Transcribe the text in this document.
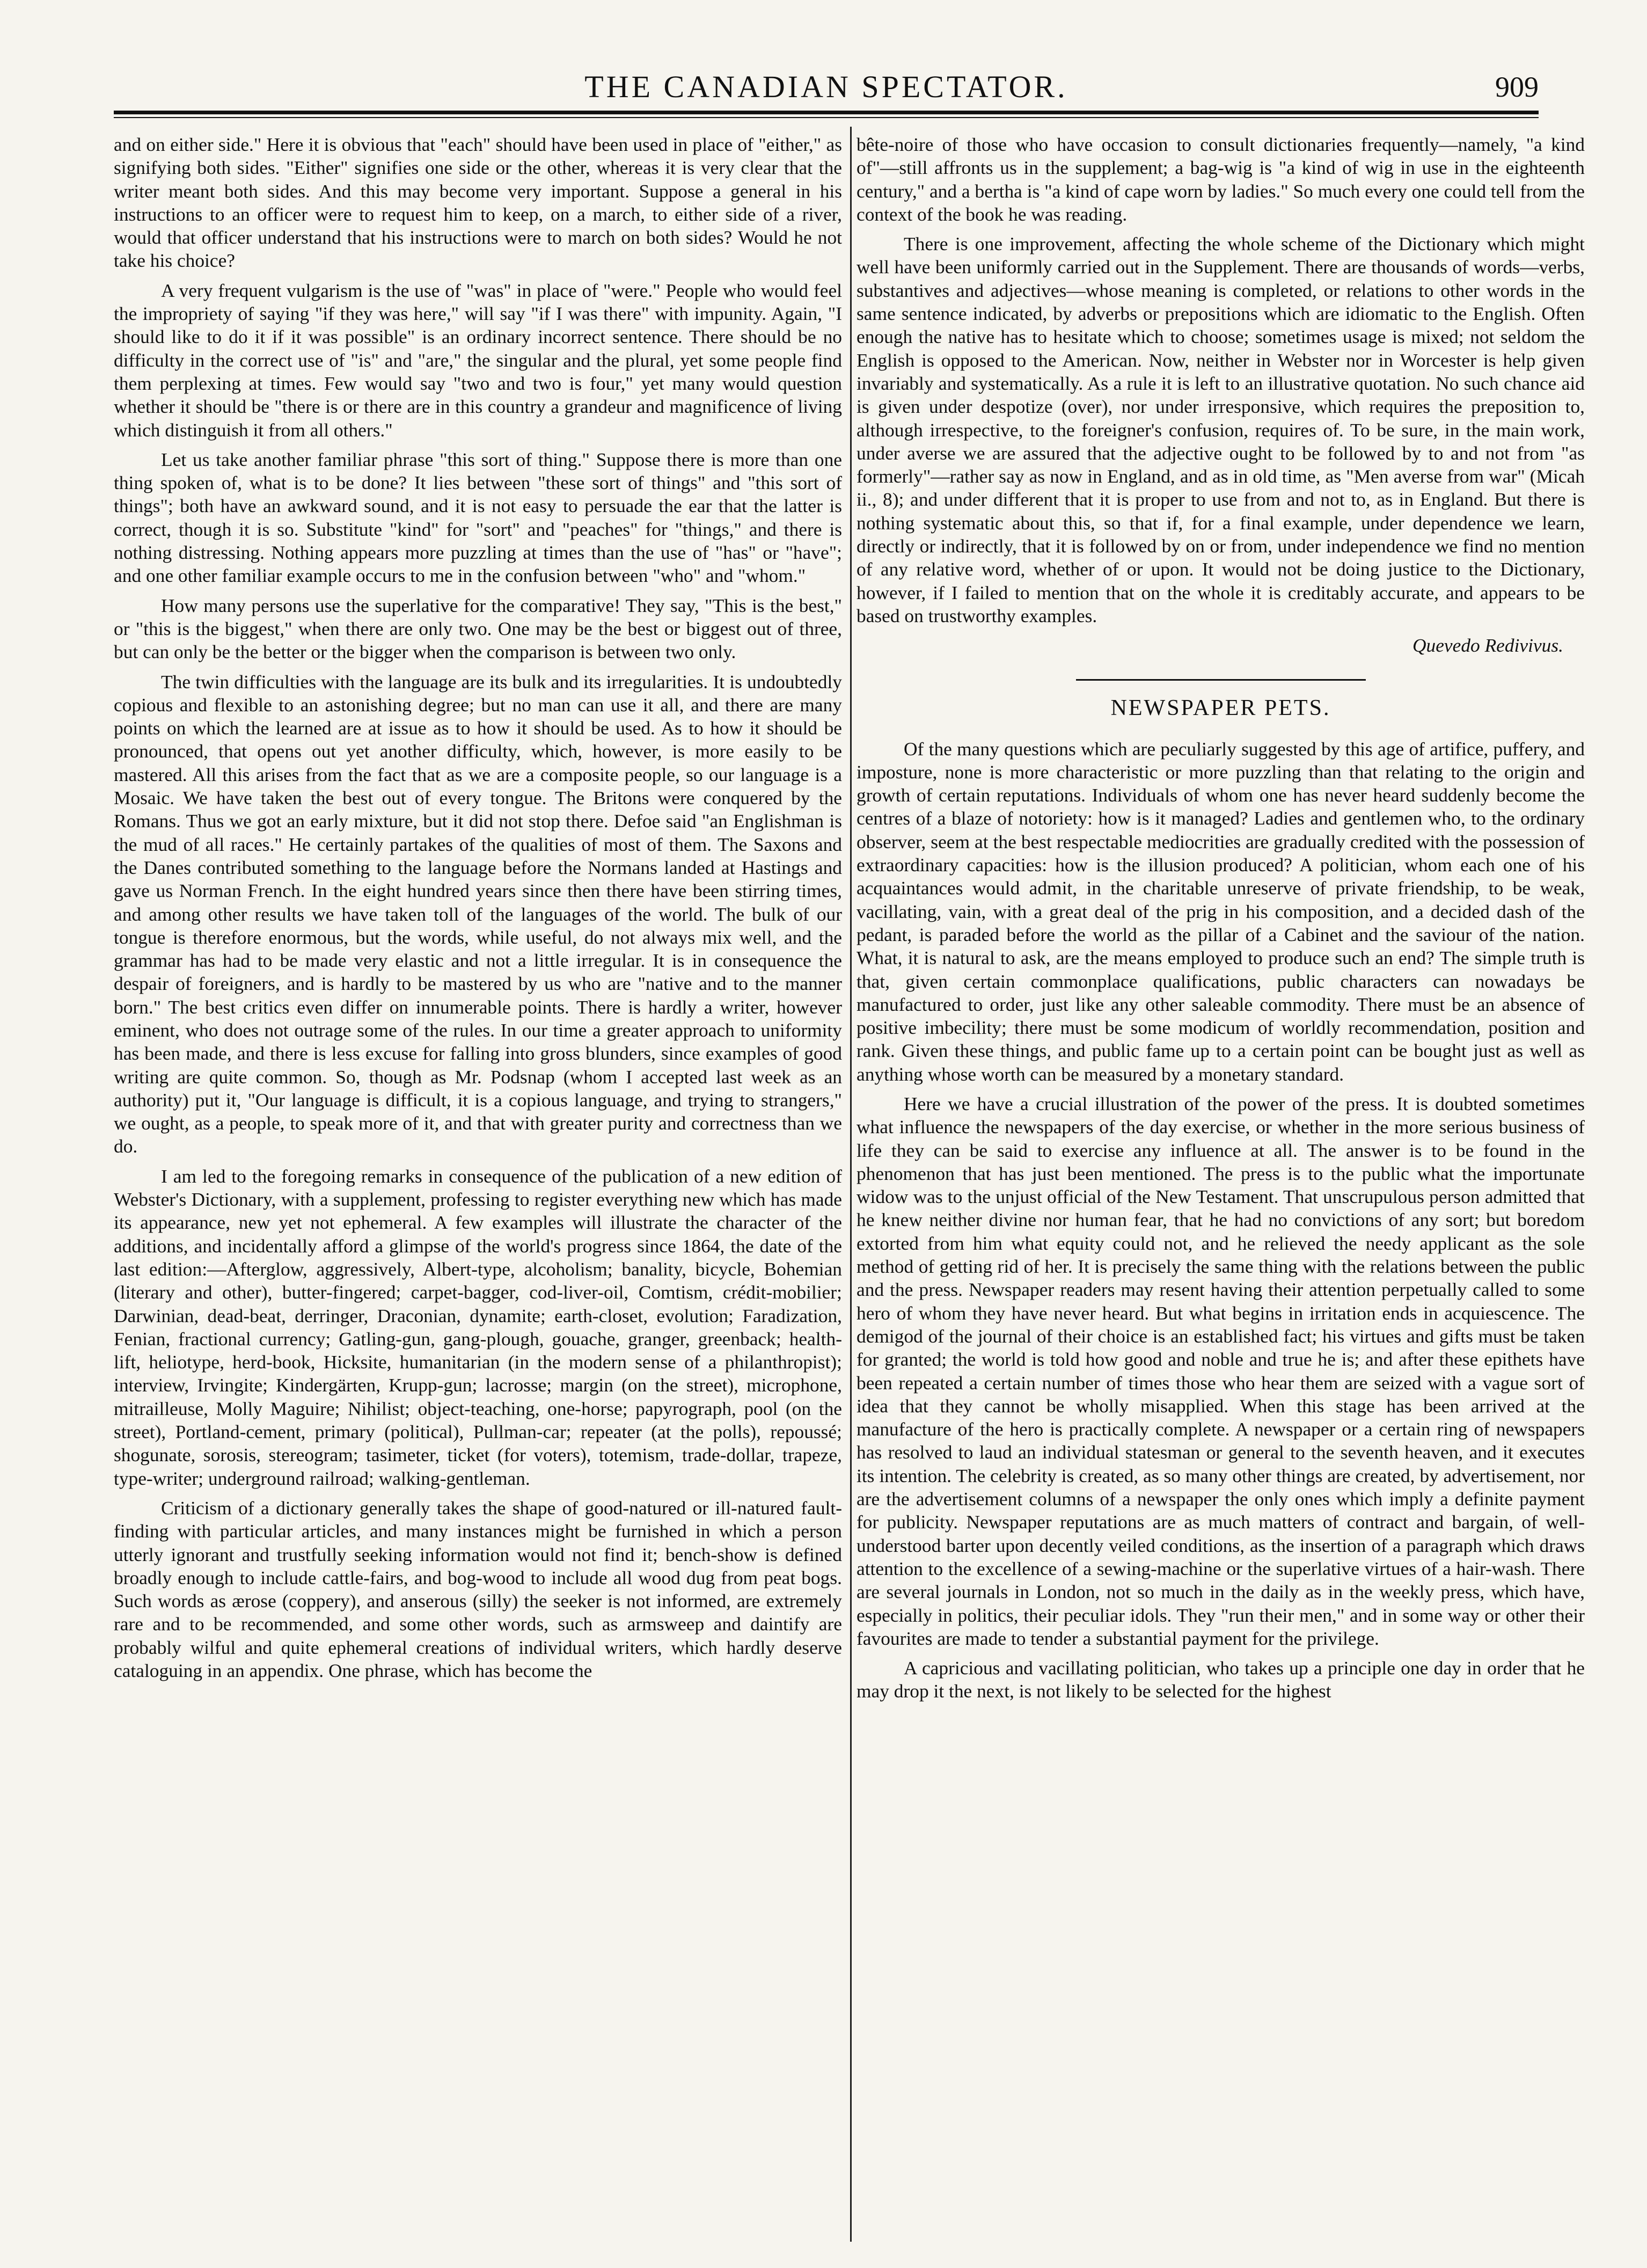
THE CANADIAN SPECTATOR.	909

and on either side." Here it is obvious that "each" should have been used in place of "either," as signifying both sides. "Either" signifies one side or the other, whereas it is very clear that the writer meant both sides. And this may become very important. Suppose a general in his instructions to an officer were to request him to keep, on a march, to either side of a river, would that officer understand that his instructions were to march on both sides? Would he not take his choice?

A very frequent vulgarism is the use of "was" in place of "were." People who would feel the impropriety of saying "if they was here," will say "if I was there" with impunity. Again, "I should like to do it if it was possible" is an ordinary incorrect sentence. There should be no difficulty in the correct use of "is" and "are," the singular and the plural, yet some people find them perplexing at times. Few would say "two and two is four," yet many would question whether it should be "there is or there are in this country a grandeur and magnificence of living which distinguish it from all others."

Let us take another familiar phrase "this sort of thing." Suppose there is more than one thing spoken of, what is to be done? It lies between "these sort of things" and "this sort of things"; both have an awkward sound, and it is not easy to persuade the ear that the latter is correct, though it is so. Substitute "kind" for "sort" and "peaches" for "things," and there is nothing distressing. Nothing appears more puzzling at times than the use of "has" or "have"; and one other familiar example occurs to me in the confusion between "who" and "whom."

How many persons use the superlative for the comparative! They say, "This is the best," or "this is the biggest," when there are only two. One may be the best or biggest out of three, but can only be the better or the bigger when the comparison is between two only.

The twin difficulties with the language are its bulk and its irregularities. It is undoubtedly copious and flexible to an astonishing degree; but no man can use it all, and there are many points on which the learned are at issue as to how it should be used. As to how it should be pronounced, that opens out yet another difficulty, which, however, is more easily to be mastered. All this arises from the fact that as we are a composite people, so our language is a Mosaic. We have taken the best out of every tongue. The Britons were conquered by the Romans. Thus we got an early mixture, but it did not stop there. Defoe said "an Englishman is the mud of all races." He certainly partakes of the qualities of most of them. The Saxons and the Danes contributed something to the language before the Normans landed at Hastings and gave us Norman French. In the eight hundred years since then there have been stirring times, and among other results we have taken toll of the languages of the world. The bulk of our tongue is therefore enormous, but the words, while useful, do not always mix well, and the grammar has had to be made very elastic and not a little irregular. It is in consequence the despair of foreigners, and is hardly to be mastered by us who are "native and to the manner born." The best critics even differ on innumerable points. There is hardly a writer, however eminent, who does not outrage some of the rules. In our time a greater approach to uniformity has been made, and there is less excuse for falling into gross blunders, since examples of good writing are quite common. So, though as Mr. Podsnap (whom I accepted last week as an authority) put it, "Our language is difficult, it is a copious language, and trying to strangers," we ought, as a people, to speak more of it, and that with greater purity and correctness than we do.

I am led to the foregoing remarks in consequence of the publication of a new edition of Webster's Dictionary, with a supplement, professing to register everything new which has made its appearance, new yet not ephemeral. A few examples will illustrate the character of the additions, and incidentally afford a glimpse of the world's progress since 1864, the date of the last edition:—Afterglow, aggressively, Albert-type, alcoholism; banality, bicycle, Bohemian (literary and other), butter-fingered; carpet-bagger, cod-liver-oil, Comtism, crédit-mobilier; Darwinian, dead-beat, derringer, Draconian, dynamite; earth-closet, evolution; Faradization, Fenian, fractional currency; Gatling-gun, gang-plough, gouache, granger, greenback; health-lift, heliotype, herd-book, Hicksite, humanitarian (in the modern sense of a philanthropist); interview, Irvingite; Kindergärten, Krupp-gun; lacrosse; margin (on the street), microphone, mitrailleuse, Molly Maguire; Nihilist; object-teaching, one-horse; papyrograph, pool (on the street), Portland-cement, primary (political), Pullman-car; repeater (at the polls), repoussé; shogunate, sorosis, stereogram; tasimeter, ticket (for voters), totemism, trade-dollar, trapeze, type-writer; underground railroad; walking-gentleman.

Criticism of a dictionary generally takes the shape of good-natured or ill-natured fault-finding with particular articles, and many instances might be furnished in which a person utterly ignorant and trustfully seeking information would not find it; bench-show is defined broadly enough to include cattle-fairs, and bog-wood to include all wood dug from peat bogs. Such words as ærose (coppery), and anserous (silly) the seeker is not informed, are extremely rare and to be recommended, and some other words, such as armsweep and daintify are probably wilful and quite ephemeral creations of individual writers, which hardly deserve cataloguing in an appendix. One phrase, which has become the

bête-noire of those who have occasion to consult dictionaries frequently—namely, "a kind of"—still affronts us in the supplement; a bag-wig is "a kind of wig in use in the eighteenth century," and a bertha is "a kind of cape worn by ladies." So much every one could tell from the context of the book he was reading.

There is one improvement, affecting the whole scheme of the Dictionary which might well have been uniformly carried out in the Supplement. There are thousands of words—verbs, substantives and adjectives—whose meaning is completed, or relations to other words in the same sentence indicated, by adverbs or prepositions which are idiomatic to the English. Often enough the native has to hesitate which to choose; sometimes usage is mixed; not seldom the English is opposed to the American. Now, neither in Webster nor in Worcester is help given invariably and systematically. As a rule it is left to an illustrative quotation. No such chance aid is given under despotize (over), nor under irresponsive, which requires the preposition to, although irrespective, to the foreigner's confusion, requires of. To be sure, in the main work, under averse we are assured that the adjective ought to be followed by to and not from "as formerly"—rather say as now in England, and as in old time, as "Men averse from war" (Micah ii., 8); and under different that it is proper to use from and not to, as in England. But there is nothing systematic about this, so that if, for a final example, under dependence we learn, directly or indirectly, that it is followed by on or from, under independence we find no mention of any relative word, whether of or upon. It would not be doing justice to the Dictionary, however, if I failed to mention that on the whole it is creditably accurate, and appears to be based on trustworthy examples.

Quevedo Redivivus.
NEWSPAPER PETS.

Of the many questions which are peculiarly suggested by this age of artifice, puffery, and imposture, none is more characteristic or more puzzling than that relating to the origin and growth of certain reputations. Individuals of whom one has never heard suddenly become the centres of a blaze of notoriety: how is it managed? Ladies and gentlemen who, to the ordinary observer, seem at the best respectable mediocrities are gradually credited with the possession of extraordinary capacities: how is the illusion produced? A politician, whom each one of his acquaintances would admit, in the charitable unreserve of private friendship, to be weak, vacillating, vain, with a great deal of the prig in his composition, and a decided dash of the pedant, is paraded before the world as the pillar of a Cabinet and the saviour of the nation. What, it is natural to ask, are the means employed to produce such an end? The simple truth is that, given certain commonplace qualifications, public characters can nowadays be manufactured to order, just like any other saleable commodity. There must be an absence of positive imbecility; there must be some modicum of worldly recommendation, position and rank. Given these things, and public fame up to a certain point can be bought just as well as anything whose worth can be measured by a monetary standard.

Here we have a crucial illustration of the power of the press. It is doubted sometimes what influence the newspapers of the day exercise, or whether in the more serious business of life they can be said to exercise any influence at all. The answer is to be found in the phenomenon that has just been mentioned. The press is to the public what the importunate widow was to the unjust official of the New Testament. That unscrupulous person admitted that he knew neither divine nor human fear, that he had no convictions of any sort; but boredom extorted from him what equity could not, and he relieved the needy applicant as the sole method of getting rid of her. It is precisely the same thing with the relations between the public and the press. Newspaper readers may resent having their attention perpetually called to some hero of whom they have never heard. But what begins in irritation ends in acquiescence. The demigod of the journal of their choice is an established fact; his virtues and gifts must be taken for granted; the world is told how good and noble and true he is; and after these epithets have been repeated a certain number of times those who hear them are seized with a vague sort of idea that they cannot be wholly misapplied. When this stage has been arrived at the manufacture of the hero is practically complete. A newspaper or a certain ring of newspapers has resolved to laud an individual statesman or general to the seventh heaven, and it executes its intention. The celebrity is created, as so many other things are created, by advertisement, nor are the advertisement columns of a newspaper the only ones which imply a definite payment for publicity. Newspaper reputations are as much matters of contract and bargain, of well-understood barter upon decently veiled conditions, as the insertion of a paragraph which draws attention to the excellence of a sewing-machine or the superlative virtues of a hair-wash. There are several journals in London, not so much in the daily as in the weekly press, which have, especially in politics, their peculiar idols. They "run their men," and in some way or other their favourites are made to tender a substantial payment for the privilege.

A capricious and vacillating politician, who takes up a principle one day in order that he may drop it the next, is not likely to be selected for the highest
